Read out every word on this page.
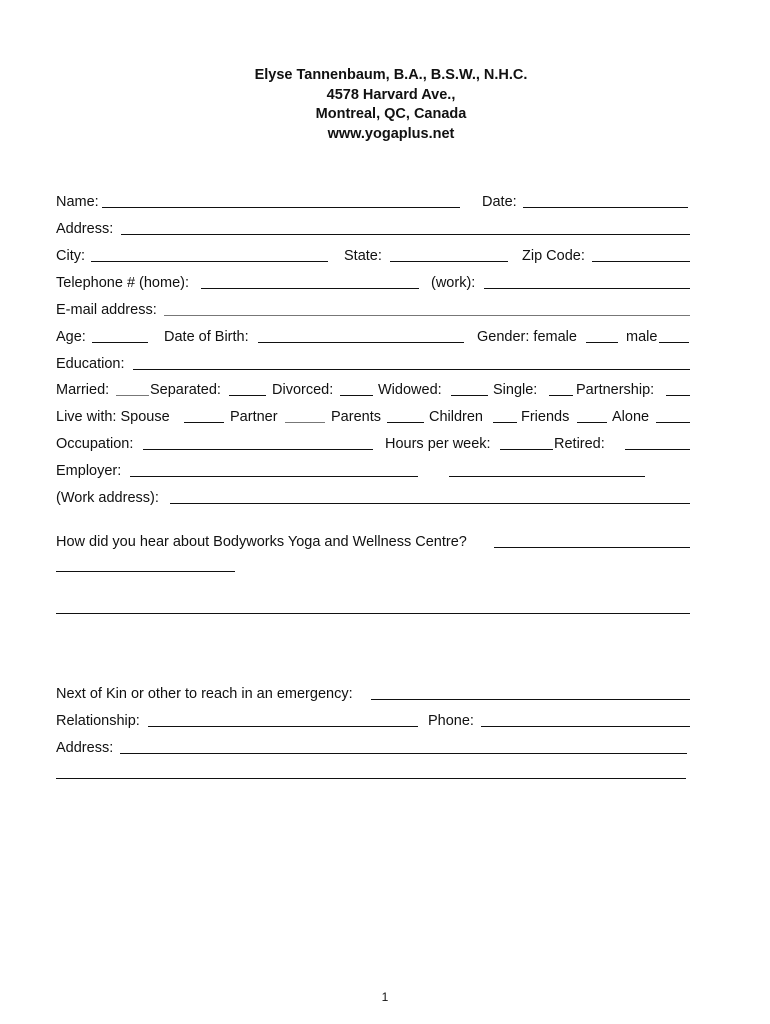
Elyse Tannenbaum, B.A., B.S.W., N.H.C.
4578 Harvard Ave.,
Montreal, QC, Canada
www.yogaplus.net
Name:	Date:
Address:
City:	State:	Zip Code:
Telephone # (home):	(work):
E-mail address:
Age:	Date of Birth:	Gender: female	male
Education:
Married:	Separated:	Divorced:	Widowed:	Single:	Partnership:
Live with: Spouse	Partner	Parents	Children	Friends	Alone
Occupation:	Hours per week:	Retired:
Employer:
(Work address):
How did you hear about Bodyworks Yoga and Wellness Centre?
Next of Kin or other to reach in an emergency:
Relationship:	Phone:
Address:
1
